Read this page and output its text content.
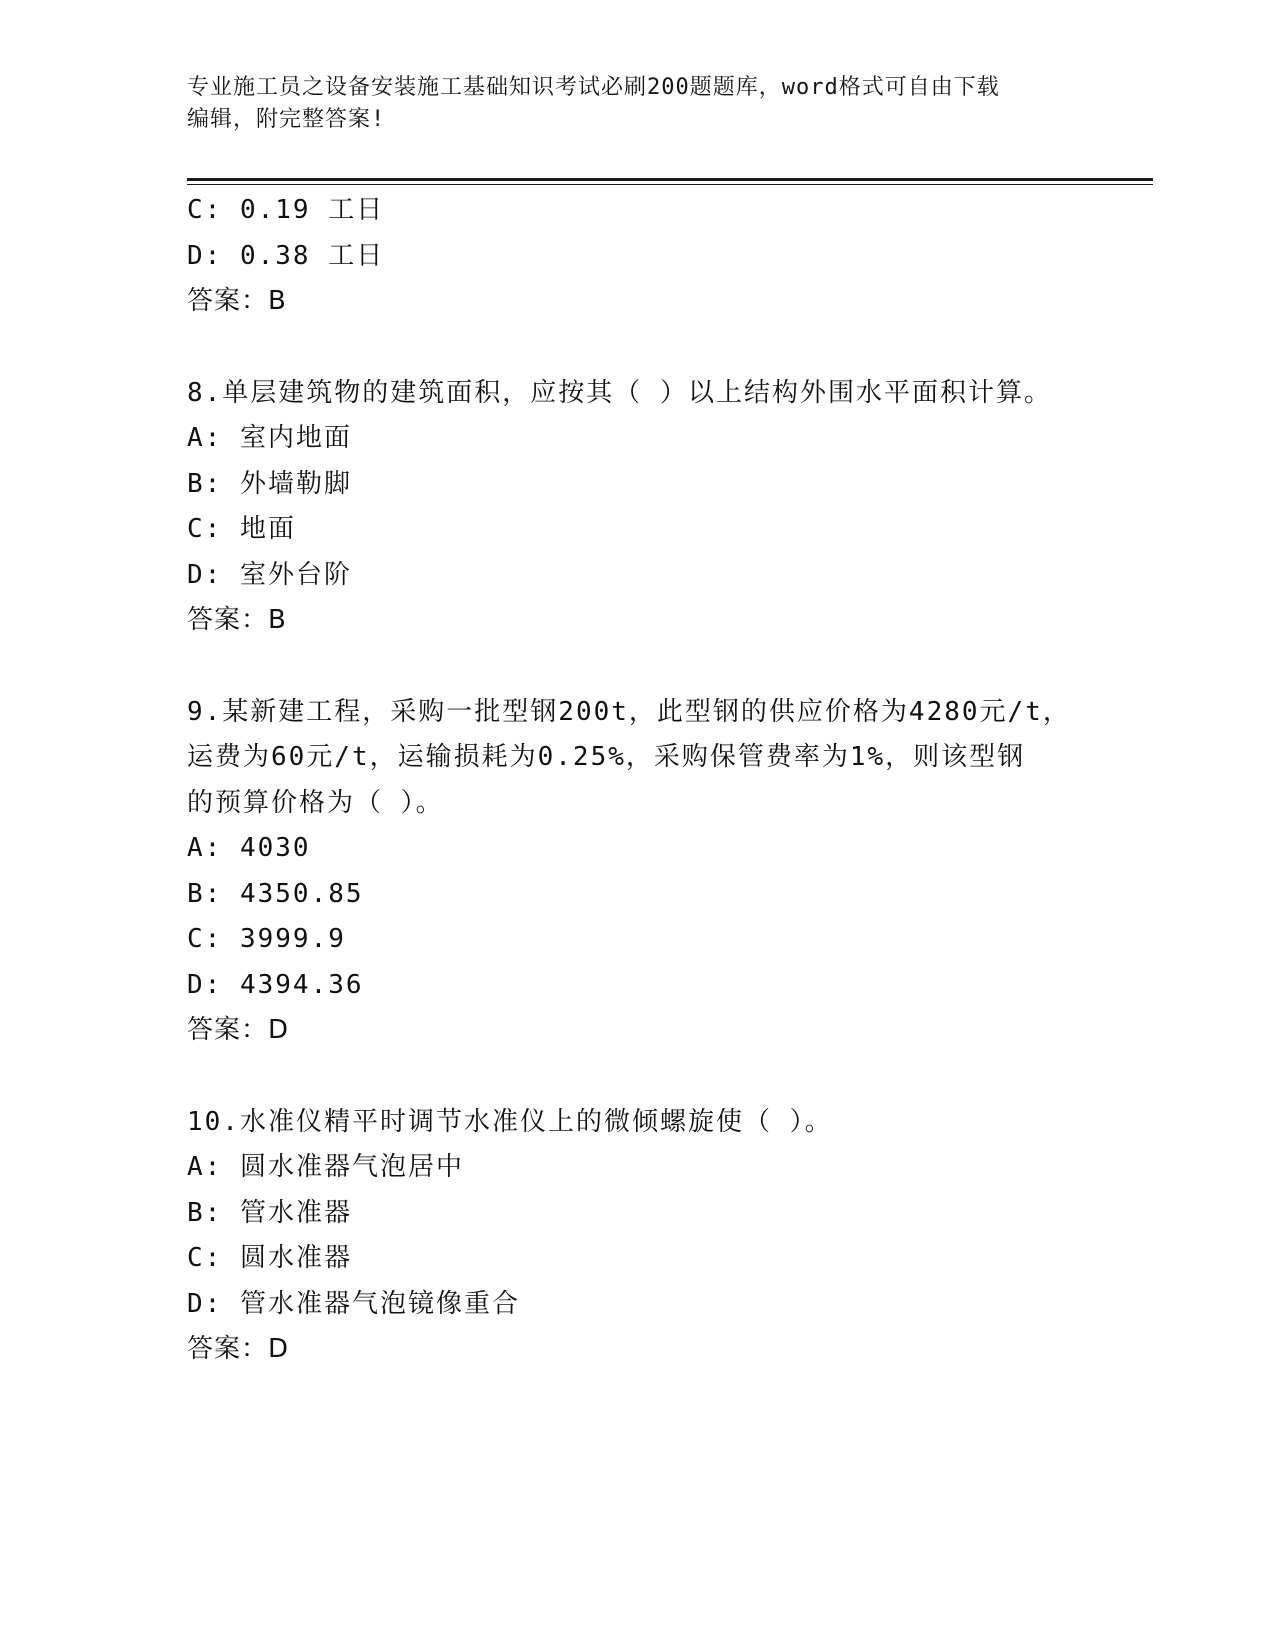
专业施工员之设备安装施工基础知识考试必刷200题题库，word格式可自由下载
编辑，附完整答案!
C: 0.19 工日
D: 0.38 工日
答案：B
8.单层建筑物的建筑面积，应按其（ ）以上结构外围水平面积计算。
A: 室内地面
B: 外墙勒脚
C: 地面
D: 室外台阶
答案：B
9.某新建工程，采购一批型钢200t，此型钢的供应价格为4280元/t，
运费为60元/t，运输损耗为0.25%，采购保管费率为1%，则该型钢
的预算价格为（ ）。
A: 4030
B: 4350.85
C: 3999.9
D: 4394.36
答案：D
10.水准仪精平时调节水准仪上的微倾螺旋使（ ）。
A: 圆水准器气泡居中
B: 管水准器
C: 圆水准器
D: 管水准器气泡镜像重合
答案：D
